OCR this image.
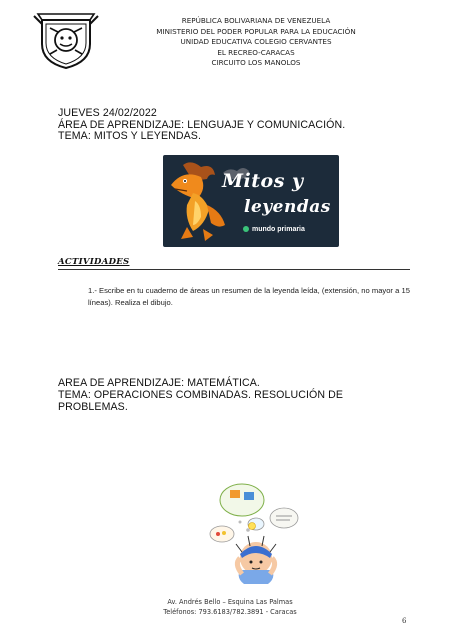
REPÚBLICA BOLIVARIANA DE VENEZUELA
MINISTERIO DEL PODER POPULAR PARA LA EDUCACIÓN
UNIDAD EDUCATIVA COLEGIO CERVANTES
EL RECREO-CARACAS
CIRCUITO LOS MANOLOS
JUEVES 24/02/2022
ÁREA DE APRENDIZAJE: LENGUAJE Y COMUNICACIÓN.
TEMA: MITOS Y LEYENDAS.
Mitos y
leyendas
mundo primaria
ACTIVIDADES
1.- Escribe en tu cuaderno de áreas un resumen de la leyenda leída, (extensión, no mayor a 15 líneas). Realiza el dibujo.
AREA DE APRENDIZAJE: MATEMÁTICA.
TEMA: OPERACIONES COMBINADAS. RESOLUCIÓN DE PROBLEMAS.
Av. Andrés Bello – Esquina Las Palmas
Teléfonos: 793.6183/782.3891 - Caracas
6
